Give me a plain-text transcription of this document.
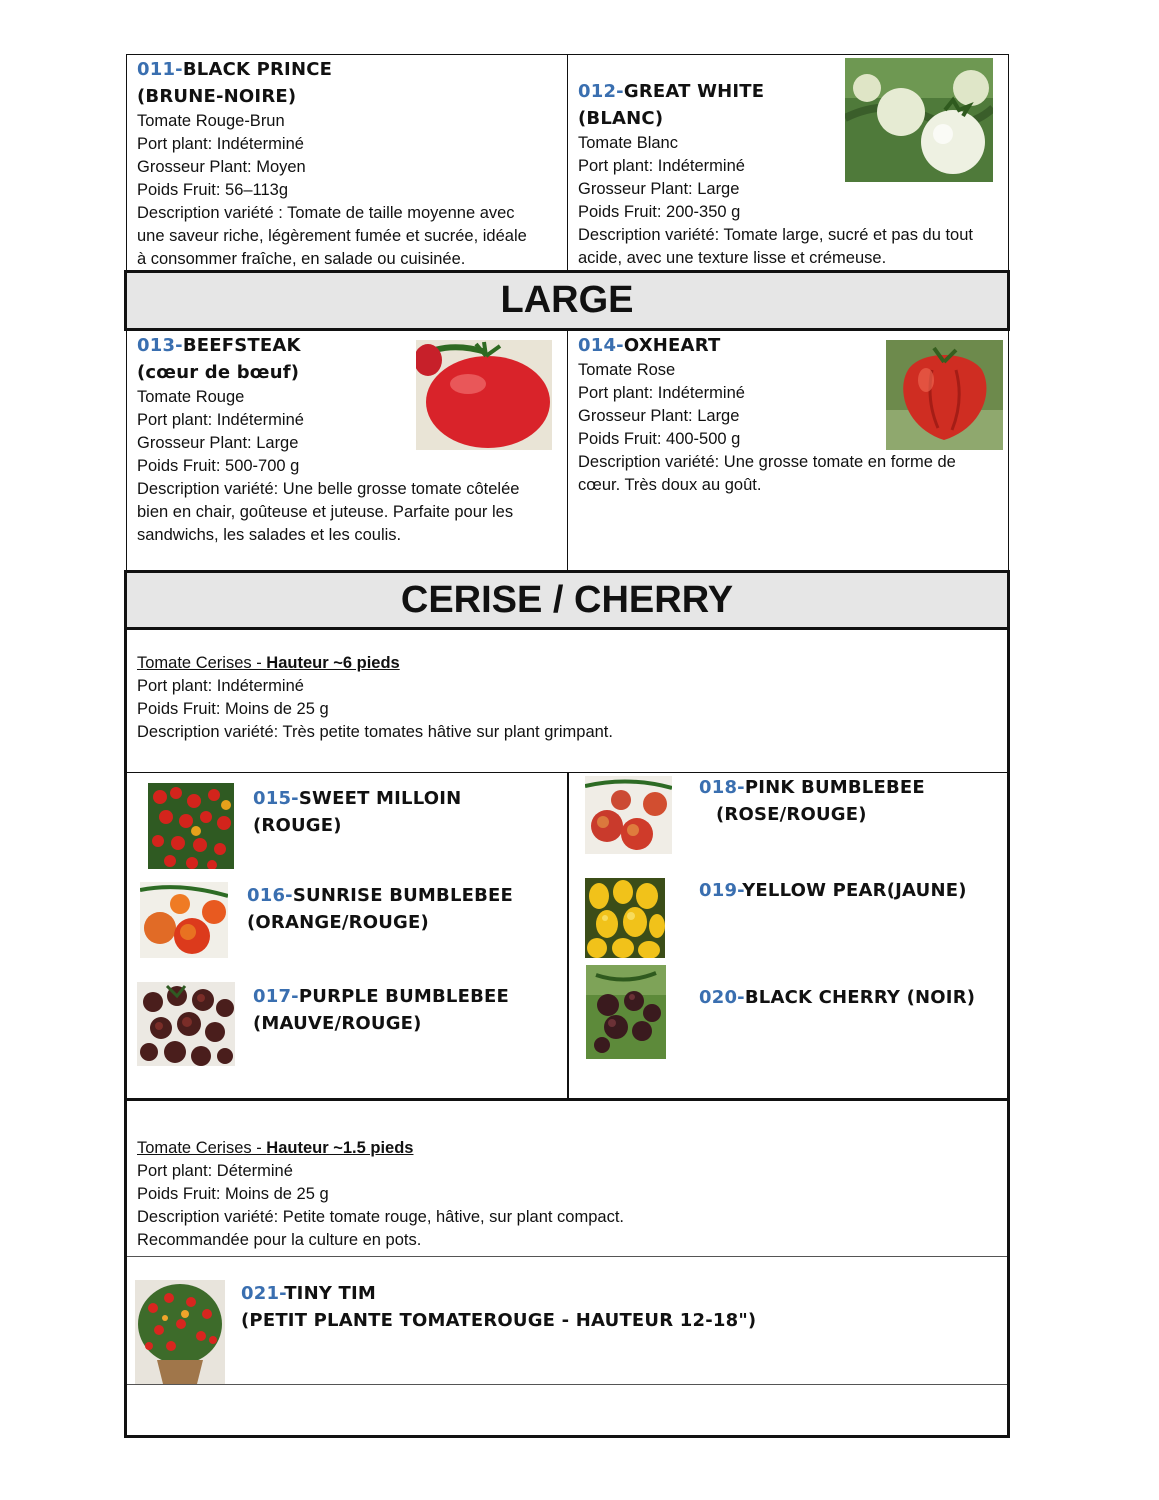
011-BLACK PRINCE
(BRUNE-NOIRE)
Tomate Rouge-Brun
Port plant: Indéterminé
Grosseur Plant: Moyen
Poids Fruit: 56–113g
Description variété : Tomate de taille moyenne avec
une saveur riche, légèrement fumée et sucrée, idéale
à consommer fraîche, en salade ou cuisinée.
012-GREAT WHITE
(BLANC)
Tomate Blanc
Port plant: Indéterminé
Grosseur Plant: Large
Poids Fruit: 200-350 g
Description variété: Tomate large, sucré et pas du tout
acide, avec une texture lisse et crémeuse.
LARGE
013-BEEFSTEAK
(cœur de bœuf)
Tomate Rouge
Port plant: Indéterminé
Grosseur Plant: Large
Poids Fruit: 500-700 g
Description variété: Une belle grosse tomate côtelée
bien en chair, goûteuse et juteuse. Parfaite pour les
sandwichs, les salades et les coulis.
014-OXHEART
Tomate Rose
Port plant: Indéterminé
Grosseur Plant: Large
Poids Fruit: 400-500 g
Description variété: Une grosse tomate en forme de
cœur. Très doux au goût.
CERISE / CHERRY
Tomate Cerises - Hauteur ~6 pieds
Port plant: Indéterminé
Poids Fruit: Moins de 25 g
Description variété: Très petite tomates hâtive sur plant grimpant.
015-SWEET MILLOIN
(ROUGE)
016-SUNRISE BUMBLEBEE
(ORANGE/ROUGE)
017-PURPLE BUMBLEBEE
(MAUVE/ROUGE)
018-PINK BUMBLEBEE
(ROSE/ROUGE)
019-YELLOW PEAR(JAUNE)
020-BLACK CHERRY (NOIR)
Tomate Cerises - Hauteur ~1.5 pieds
Port plant: Déterminé
Poids Fruit: Moins de 25 g
Description variété: Petite tomate rouge, hâtive, sur plant compact.
Recommandée pour la culture en pots.
021-TINY TIM
(PETIT PLANTE TOMATEROUGE - HAUTEUR 12-18")
